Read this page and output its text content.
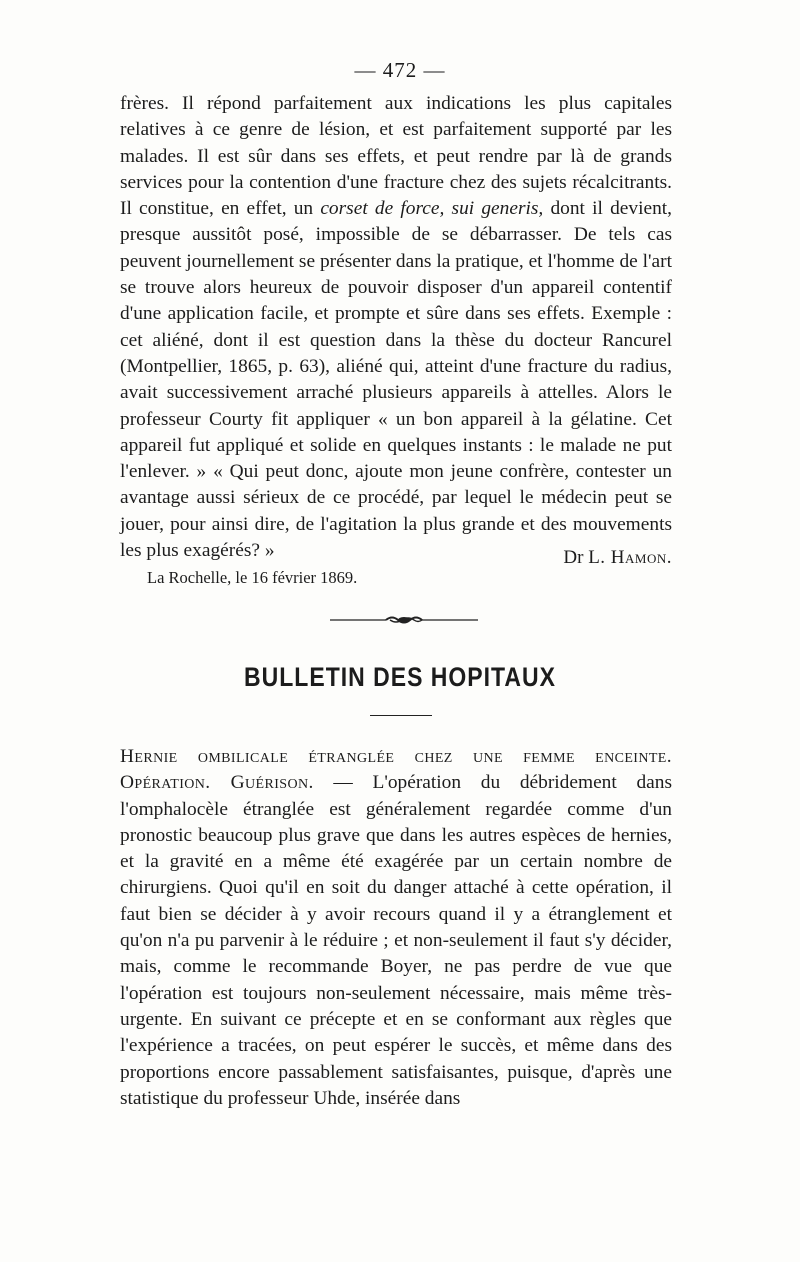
— 472 —

frères. Il répond parfaitement aux indications les plus capitales relatives à ce genre de lésion, et est parfaitement supporté par les malades. Il est sûr dans ses effets, et peut rendre par là de grands services pour la contention d'une fracture chez des sujets récalcitrants. Il constitue, en effet, un corset de force, sui generis, dont il devient, presque aussitôt posé, impossible de se débarrasser. De tels cas peuvent journellement se présenter dans la pratique, et l'homme de l'art se trouve alors heureux de pouvoir disposer d'un appareil contentif d'une application facile, et prompte et sûre dans ses effets. Exemple : cet aliéné, dont il est question dans la thèse du docteur Rancurel (Montpellier, 1865, p. 63), aliéné qui, atteint d'une fracture du radius, avait successivement arraché plusieurs appareils à attelles. Alors le professeur Courty fit appliquer « un bon appareil à la gélatine. Cet appareil fut appliqué et solide en quelques instants : le malade ne put l'enlever. » « Qui peut donc, ajoute mon jeune confrère, contester un avantage aussi sérieux de ce procédé, par lequel le médecin peut se jouer, pour ainsi dire, de l'agitation la plus grande et des mouvements les plus exagérés? »	Dr L. Hamon.
La Rochelle, le 16 février 1869.
BULLETIN DES HOPITAUX

Hernie ombilicale étranglée chez une femme enceinte. Opération. Guérison. — L'opération du débridement dans l'omphalocèle étranglée est généralement regardée comme d'un pronostic beaucoup plus grave que dans les autres espèces de hernies, et la gravité en a même été exagérée par un certain nombre de chirurgiens. Quoi qu'il en soit du danger attaché à cette opération, il faut bien se décider à y avoir recours quand il y a étranglement et qu'on n'a pu parvenir à le réduire ; et non-seulement il faut s'y décider, mais, comme le recommande Boyer, ne pas perdre de vue que l'opération est toujours non-seulement nécessaire, mais même très-urgente. En suivant ce précepte et en se conformant aux règles que l'expérience a tracées, on peut espérer le succès, et même dans des proportions encore passablement satisfaisantes, puisque, d'après une statistique du professeur Uhde, insérée dans
